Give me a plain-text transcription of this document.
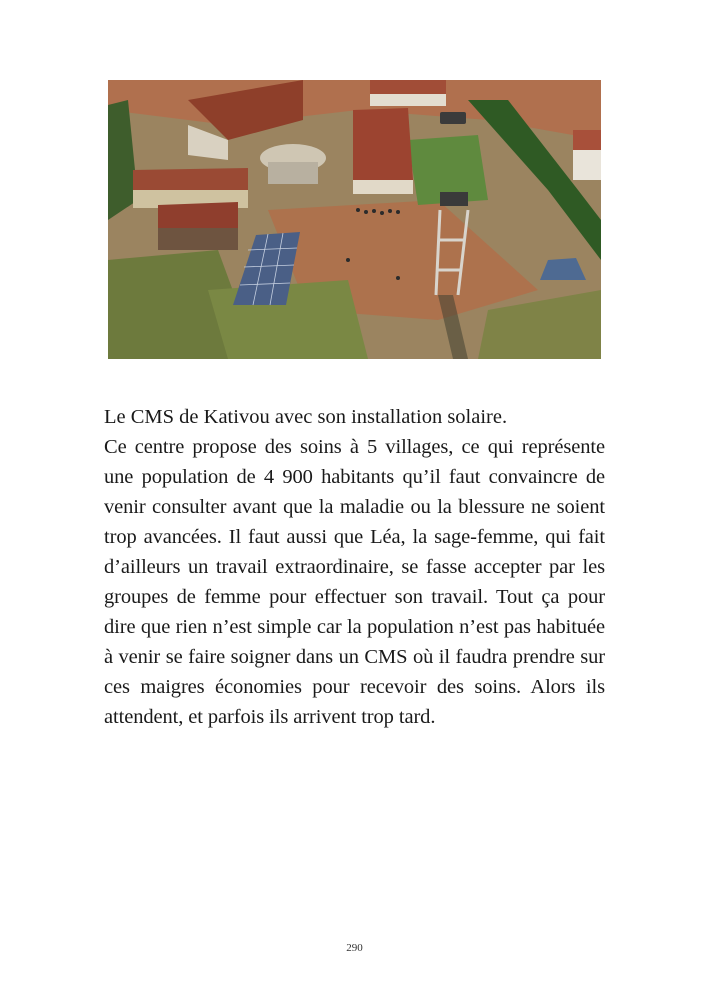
Le CMS de Kativou avec son installation solaire.

Ce centre propose des soins à 5 villages, ce qui représente une population de 4 900 habitants qu’il faut convaincre de venir consulter avant que la maladie ou la blessure ne soient trop avancées. Il faut aussi que Léa, la sage-femme, qui fait d’ailleurs un travail extraordinaire, se fasse accepter par les groupes de femme pour effectuer son travail. Tout ça pour dire que rien n’est simple car la population n’est pas habituée à venir se faire soigner dans un CMS où il faudra prendre sur ces maigres économies pour recevoir des soins. Alors ils attendent, et parfois ils arrivent trop tard.

290
